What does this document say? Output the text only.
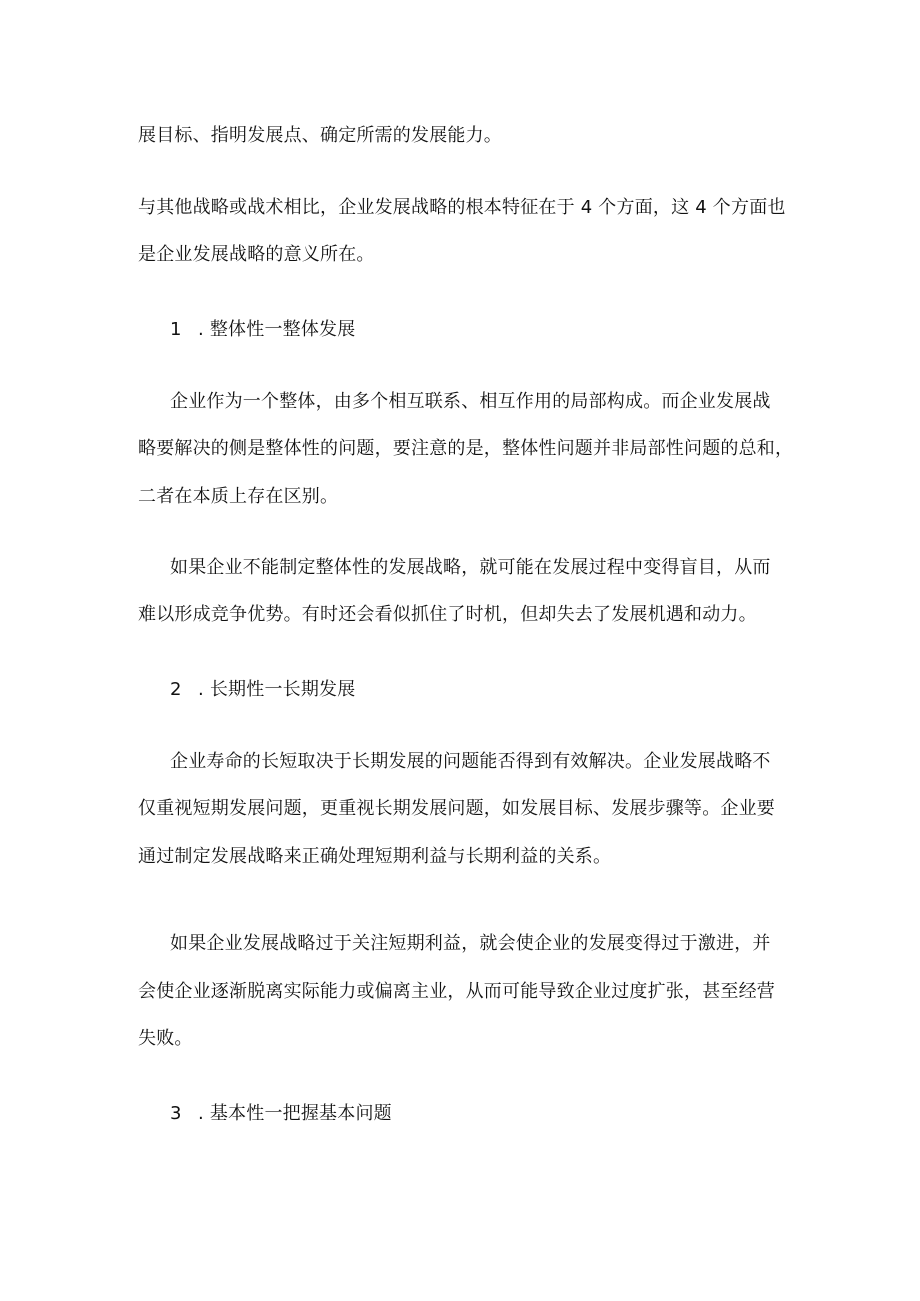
展目标、指明发展点、确定所需的发展能力。
与其他战略或战术相比，企业发展战略的根本特征在于 4 个方面，这 4 个方面也
是企业发展战略的意义所在。
1 . 整体性一整体发展
企业作为一个整体，由多个相互联系、相互作用的局部构成。而企业发展战
略要解决的侧是整体性的问题，要注意的是，整体性问题并非局部性问题的总和，
二者在本质上存在区别。
如果企业不能制定整体性的发展战略，就可能在发展过程中变得盲目，从而
难以形成竞争优势。有时还会看似抓住了时机，但却失去了发展机遇和动力。
2 . 长期性一长期发展
企业寿命的长短取决于长期发展的问题能否得到有效解决。企业发展战略不
仅重视短期发展问题，更重视长期发展问题，如发展目标、发展步骤等。企业要
通过制定发展战略来正确处理短期利益与长期利益的关系。
如果企业发展战略过于关注短期利益，就会使企业的发展变得过于激进，并
会使企业逐渐脱离实际能力或偏离主业，从而可能导致企业过度扩张，甚至经营
失败。
3 . 基本性一把握基本问题
